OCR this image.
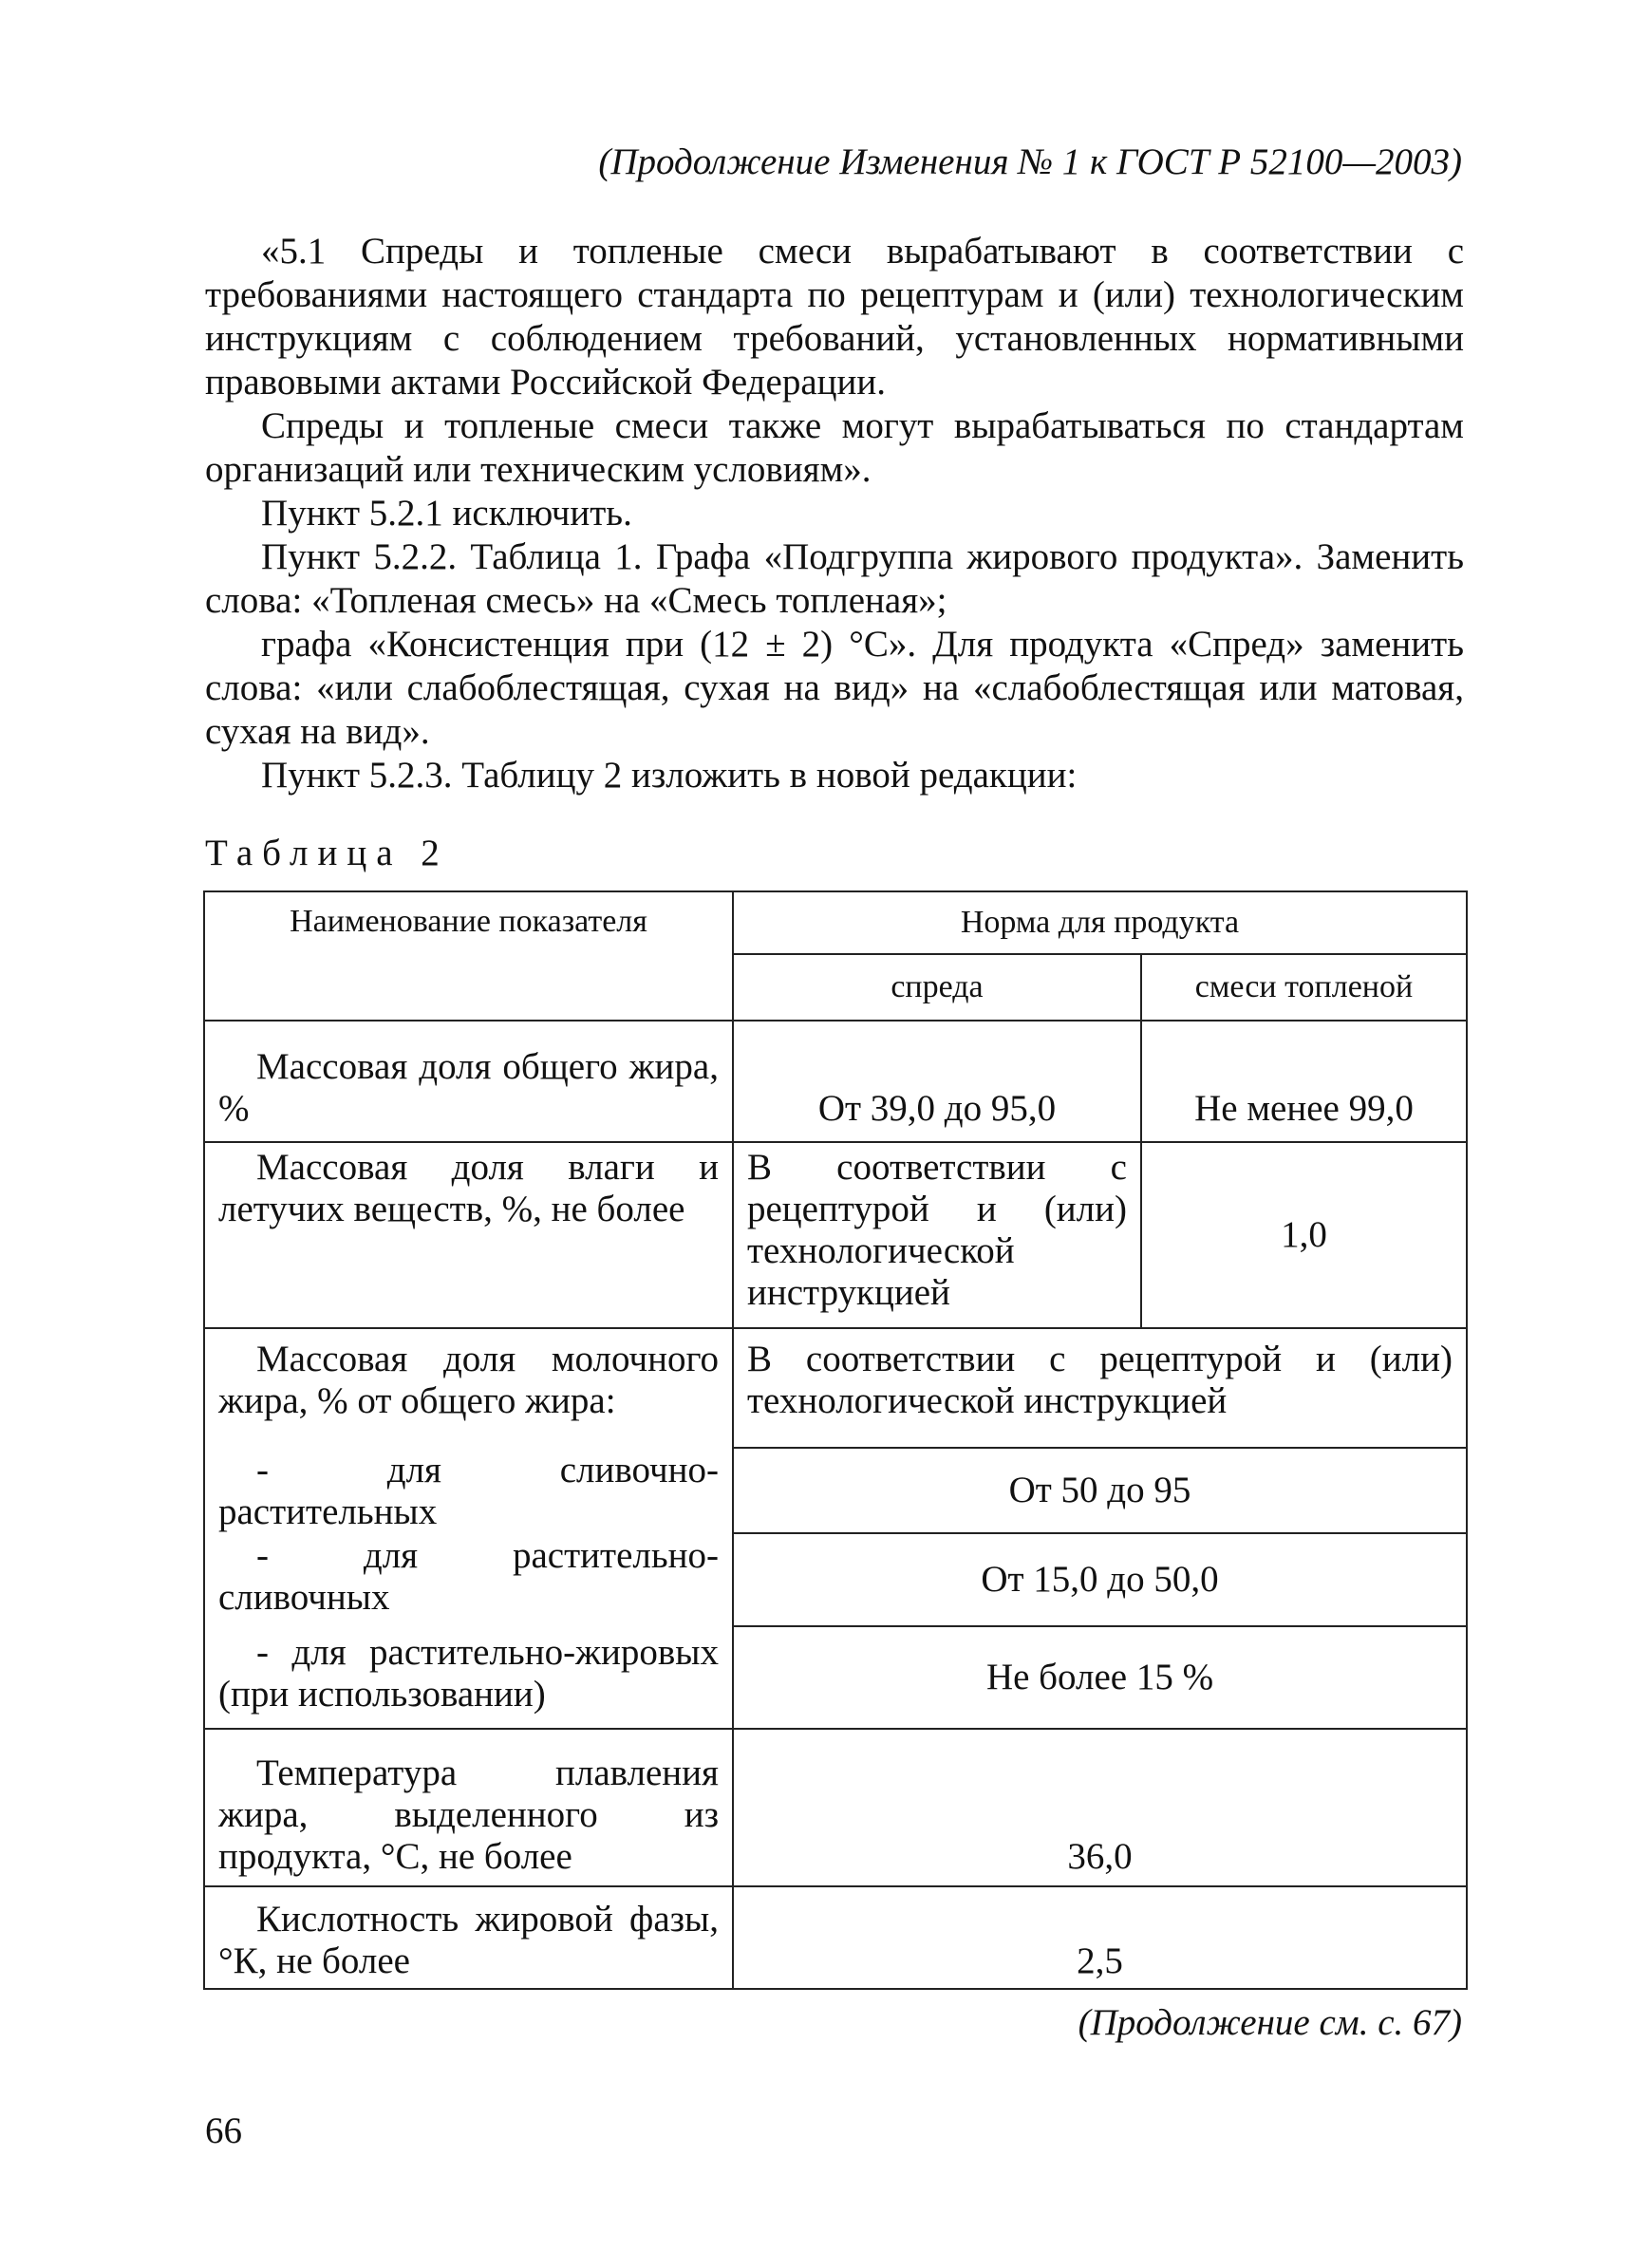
(Продолжение Изменения № 1 к ГОСТ Р 52100—2003)

«5.1 Спреды и топленые смеси вырабатывают в соответствии с требованиями настоящего стандарта по рецептурам и (или) технологическим инструкциям с соблюдением требований, установленных нормативными правовыми актами Российской Федерации.

Спреды и топленые смеси также могут вырабатываться по стандартам организаций или техническим условиям».

Пункт 5.2.1 исключить.

Пункт 5.2.2. Таблица 1. Графа «Подгруппа жирового продукта». Заменить слова: «Топленая смесь» на «Смесь топленая»;

графа «Консистенция при (12 ± 2) °С». Для продукта «Спред» заменить слова: «или слабоблестящая, сухая на вид» на «слабоблестящая или матовая, сухая на вид».

Пункт 5.2.3. Таблицу 2 изложить в новой редакции:

Таблица 2
Наименование показателя	Норма для продукта	
	спреда	смеси топленой
Массовая доля общего жира, %	От 39,0 до 95,0	Не менее 99,0
Массовая доля влаги и летучих веществ, %, не более	В соответствии с рецептурой и (или) технологической инструкцией	1,0
Массовая доля молочного жира, % от общего жира:	В соответствии с рецептурой и (или) технологической инструкцией	
- для сливочно-растительных	От 50 до 95	
- для растительно-сливочных	От 15,0 до 50,0	
- для растительно-жировых (при использовании)	Не более 15 %	
Температура плавления жира, выделенного из продукта, °С, не более	36,0	
Кислотность жировой фазы, °К, не более	2,5	
(Продолжение см. с. 67)
66
